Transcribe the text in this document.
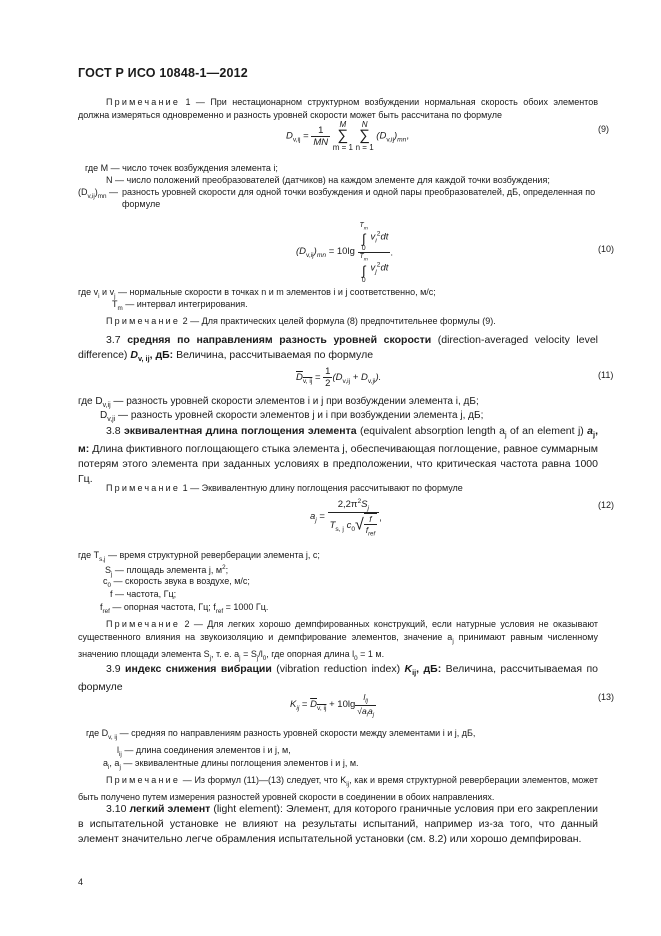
ГОСТ Р ИСО 10848-1—2012
Примечание 1 — При нестационарном структурном возбуждении нормальная скорость обоих элементов должна измеряться одновременно и разность уровней скорости может быть рассчитана по формуле
$D_{v,ij} = \frac{1}{MN}$
	M
∑
m = 1

N
∑
n = 1
$(D_{v,ij})_{mn}$,
(9)
где M — число точек возбуждения элемента i;
N — число положений преобразователей (датчиков) на каждом элементе для каждой точки возбуждения;
$(D_{v,ij})_{mn}$ — разность уровней скорости для одной точки возбуждения и одной пары преобразователей, дБ, определенная по формуле
$(D_{v,ij})_{mn} = 10\lg$ $T_m$
∫
0
$v_i^2dt$
$T_m$
∫
0
$v_j^2dt$ .	(10)
где $v_i$ и $v_j$ — нормальные скорости в точках n и m элементов i и j соответственно, м/с;
$T_m$ — интервал интегрирования.
Примечание 2 — Для практических целей формула (8) предпочтительнее формулы (9).
3.7 средняя по направлениям разность уровней скорости (direction-averaged velocity level difference) $D_{v, ij}$, дБ: Величина, рассчитываемая по формуле
$D_{v, ij} = \frac{1}{2} (D_{v,ij} + D_{v,ji})$.	(11)
где $D_{v,ij}$ — разность уровней скорости элементов i и j при возбуждении элемента i, дБ;
$D_{v,ji}$ — разность уровней скорости элементов j и i при возбуждении элемента j, дБ;
3.8 эквивалентная длина поглощения элемента (equivalent absorption length $a_j$ of an element j) $a_j$, м: Длина фиктивного поглощающего стыка элемента j, обеспечивающая поглощение, равное суммарным потерям этого элемента при заданных условиях в предположении, что критическая частота равна 1000 Гц.
Примечание 1 — Эквивалентную длину поглощения рассчитывают по формуле
$a_j = \frac{2,2\pi^2S_j}{T_{s, j} c_0√ \frac{f}{f_{ref}}}$ ,
(12)
где $T_{s,j}$ — время структурной реверберации элемента j, с;
$S_j$ — площадь элемента j, $м^2$;
$c_0$ — скорость звука в воздухе, м/с;
f — частота, Гц;
$f_{ref}$ — опорная частота, Гц; $f_{ref} = 1000$ Гц.
Примечание 2 — Для легких хорошо демпфированных конструкций, если натурные условия не оказывают существенного влияния на звукоизоляцию и демпфирование элементов, значение $a_j$ принимают равным численному значению площади элемента $S_j$, т. е. $a_j = S_j/l_0$, где опорная длина $l_0 = 1$ м.
3.9 индекс снижения вибрации (vibration reduction index) $K_{ij}$, дБ: Величина, рассчитываемая по формуле
$K_{ij} = D_{v, ij} + 10\lg \frac{l_{ij}}{√a_ia_j}$	(13)
где $D_{v, ij}$ — средняя по направлениям разность уровней скорости между элементами i и j, дБ,
$l_{ij}$ — длина соединения элементов i и j, м,
$a_i$, $a_j$ — эквивалентные длины поглощения элементов i и j, м.
Примечание — Из формул (11)—(13) следует, что $K_{ij}$, как и время структурной реверберации элементов, может быть получено путем измерения разностей уровней скорости в соединении в обоих направлениях.
3.10 легкий элемент (light element): Элемент, для которого граничные условия при его закреплении в испытательной установке не влияют на результаты испытаний, например из-за того, что данный элемент значительно легче обрамления испытательной установки (см. 8.2) или хорошо демпфирован.
4
